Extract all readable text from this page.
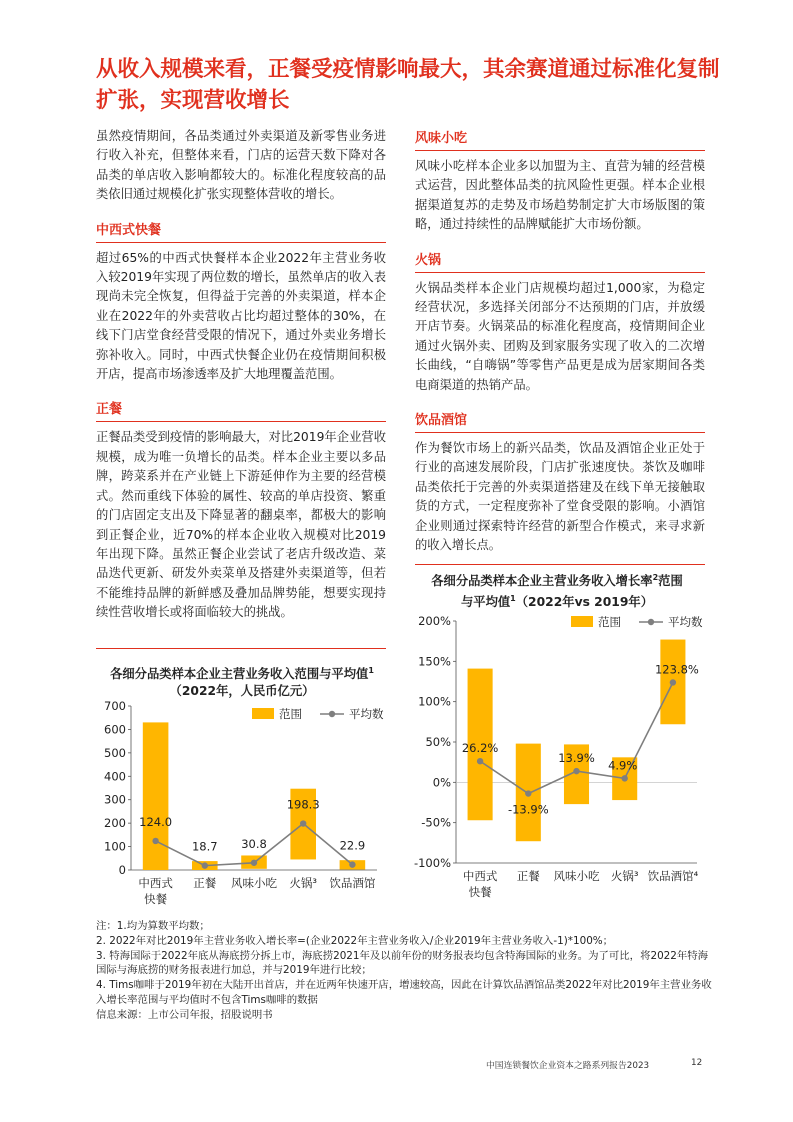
从收入规模来看，正餐受疫情影响最大，其余赛道通过标准化复制扩张，实现营收增长

虽然疫情期间，各品类通过外卖渠道及新零售业务进行收入补充，但整体来看，门店的运营天数下降对各品类的单店收入影响都较大的。标准化程度较高的品类依旧通过规模化扩张实现整体营收的增长。

中西式快餐

超过65%的中西式快餐样本企业2022年主营业务收入较2019年实现了两位数的增长，虽然单店的收入表现尚未完全恢复，但得益于完善的外卖渠道，样本企业在2022年的外卖营收占比均超过整体的30%，在线下门店堂食经营受限的情况下，通过外卖业务增长弥补收入。同时，中西式快餐企业仍在疫情期间积极开店，提高市场渗透率及扩大地理覆盖范围。

正餐

正餐品类受到疫情的影响最大，对比2019年企业营收规模，成为唯一负增长的品类。样本企业主要以多品牌，跨菜系并在产业链上下游延伸作为主要的经营模式。然而重线下体验的属性、较高的单店投资、繁重的门店固定支出及下降显著的翻桌率，都极大的影响到正餐企业，近70%的样本企业收入规模对比2019年出现下降。虽然正餐企业尝试了老店升级改造、菜品迭代更新、研发外卖菜单及搭建外卖渠道等，但若不能维持品牌的新鲜感及叠加品牌势能，想要实现持续性营收增长或将面临较大的挑战。

风味小吃

风味小吃样本企业多以加盟为主、直营为辅的经营模式运营，因此整体品类的抗风险性更强。样本企业根据渠道复苏的走势及市场趋势制定扩大市场版图的策略，通过持续性的品牌赋能扩大市场份额。

火锅

火锅品类样本企业门店规模均超过1,000家，为稳定经营状况，多选择关闭部分不达预期的门店，并放缓开店节奏。火锅菜品的标准化程度高，疫情期间企业通过火锅外卖、团购及到家服务实现了收入的二次增长曲线，“自嗨锅”等零售产品更是成为居家期间各类电商渠道的热销产品。

饮品酒馆

作为餐饮市场上的新兴品类，饮品及酒馆企业正处于行业的高速发展阶段，门店扩张速度快。茶饮及咖啡品类依托于完善的外卖渠道搭建及在线下单无接触取货的方式，一定程度弥补了堂食受限的影响。小酒馆企业则通过探索特许经营的新型合作模式，来寻求新的收入增长点。

各细分品类样本企业主营业务收入范围与平均值$^1$
（2022年，人民币亿元）
0
100
200
300
400
500
600
700
124.0
18.7 30.8
198.3
22.9
中西式
快餐
正餐 风味小吃 火锅³ 饮品酒馆
范围	平均数
各细分品类样本企业主营业务收入增长率$^2$范围
与平均值$^1$（2022年vs 2019年）
-100%
-50%
0%
50%
100%
150%
200%
26.2%
-13.9%
13.9%
4.9%
123.8%
中西式
快餐
正餐 风味小吃 火锅³ 饮品酒馆⁴
范围	平均数
注：1.均为算数平均数；
2. 2022年对比2019年主营业务收入增长率=(企业2022年主营业务收入/企业2019年主营业务收入-1)*100%；
3. 特海国际于2022年底从海底捞分拆上市，海底捞2021年及以前年份的财务报表均包含特海国际的业务。为了可比，将2022年特海国际与海底捞的财务报表进行加总，并与2019年进行比较；
4. Tims咖啡于2019年初在大陆开出首店，并在近两年快速开店，增速较高，因此在计算饮品酒馆品类2022年对比2019年主营业务收入增长率范围与平均值时不包含Tims咖啡的数据
信息来源：上市公司年报，招股说明书
中国连锁餐饮企业资本之路系列报告2023	12
